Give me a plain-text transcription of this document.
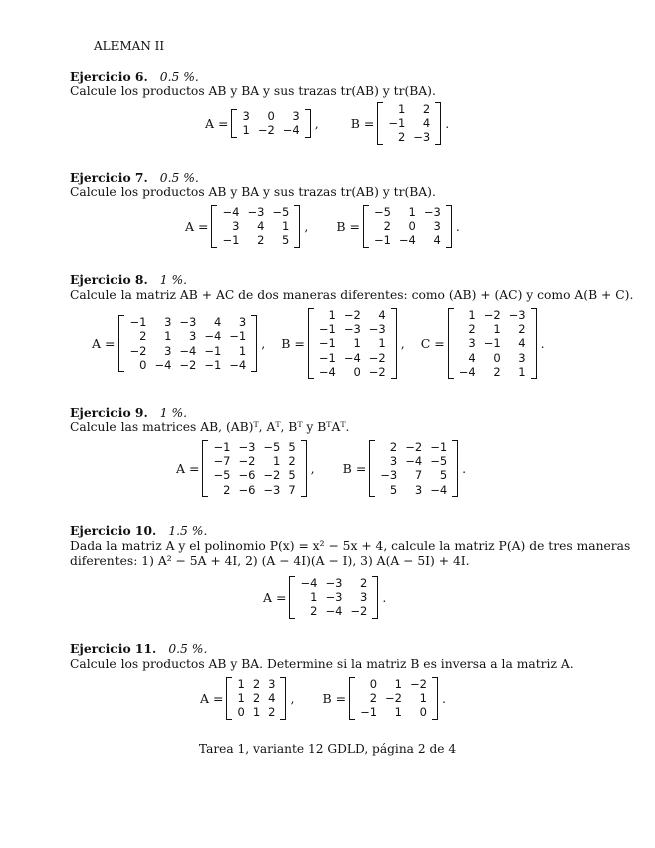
ALEMAN II
Ejercicio 6. 0.5 %.
Calcule los productos AB y BA y sus trazas tr(AB) y tr(BA).
A = 3	0	3
1	−2	−4 ,	B =
1	2
−1	4
2	−3
.
Ejercicio 7. 0.5 %.
Calcule los productos AB y BA y sus trazas tr(AB) y tr(BA).
A =
−4	−3	−5
3	4	1
−1	2	5
, B =
−5	1	−3
2	0	3
−1	−4	4
.
Ejercicio 8. 1 %.
Calcule la matriz AB + AC de dos maneras diferentes: como (AB) + (AC) y como A(B + C).
A =
−1	3	−3	4	3
2	1	3	−4	−1
−2	3	−4	−1	1
0	−4	−2	−1	−4
, B =
1	−2	4
−1	−3	−3
−1	1	1
−1	−4	−2
−4	0	−2
, C =
1	−2	−3
2	1	2
3	−1	4
4	0	3
−4	2	1
.
Ejercicio 9. 1 %.
Calcule las matrices AB, (AB)ᵀ, Aᵀ, Bᵀ y BᵀAᵀ.
A =
−1	−3	−5	5
−7	−2	1	2
−5	−6	−2	5
2	−6	−3	7
, B =
2	−2	−1
3	−4	−5
−3	7	5
5	3	−4
.
Ejercicio 10. 1.5 %.
Dada la matriz A y el polinomio P(x) = x² − 5x + 4, calcule la matriz P(A) de tres maneras
diferentes: 1) A² − 5A + 4I, 2) (A − 4I)(A − I), 3) A(A − 5I) + 4I.
A =
−4	−3	2
1	−3	3
2	−4	−2
.
Ejercicio 11. 0.5 %.
Calcule los productos AB y BA. Determine si la matriz B es inversa a la matriz A.
A =
1	2	3
1	2	4
0	1	2
, B =
0	1	−2
2	−2	1
−1	1	0
.
Tarea 1, variante 12 GDLD, página 2 de 4
